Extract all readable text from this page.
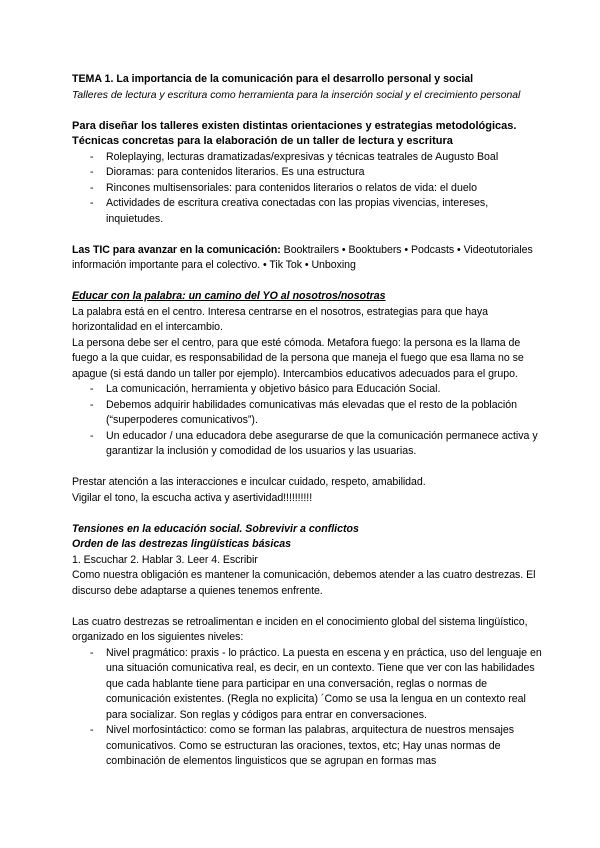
TEMA 1. La importancia de la comunicación para el desarrollo personal y social

Talleres de lectura y escritura como herramienta para la inserción social y el crecimiento personal

Para diseñar los talleres existen distintas orientaciones y estrategias metodológicas.

Técnicas concretas para la elaboración de un taller de lectura y escritura

- Roleplaying, lecturas dramatizadas/expresivas y técnicas teatrales de Augusto Boal
- Dioramas: para contenidos literarios. Es una estructura
- Rincones multisensoriales: para contenidos literarios o relatos de vida: el duelo
- Actividades de escritura creativa conectadas con las propias vivencias, intereses, inquietudes.

Las TIC para avanzar en la comunicación: Booktrailers • Booktubers • Podcasts • Videotutoriales información importante para el colectivo. • Tik Tok • Unboxing

Educar con la palabra: un camino del YO al nosotros/nosotras

La palabra está en el centro. Interesa centrarse en el nosotros, estrategias para que haya horizontalidad en el intercambio.

La persona debe ser el centro, para que esté cómoda. Metafora fuego: la persona es la llama de fuego a la que cuidar, es responsabilidad de la persona que maneja el fuego que esa llama no se apague (si está dando un taller por ejemplo). Intercambios educativos adecuados para el grupo.

- La comunicación, herramienta y objetivo básico para Educación Social.
- Debemos adquirir habilidades comunicativas más elevadas que el resto de la población (“superpoderes comunicativos”).
- Un educador / una educadora debe asegurarse de que la comunicación permanece activa y garantizar la inclusión y comodidad de los usuarios y las usuarias.

Prestar atención a las interacciones e inculcar cuidado, respeto, amabilidad.

Vigilar el tono, la escucha activa y asertividad!!!!!!!!!!

Tensiones en la educación social. Sobrevivir a conflictos

Orden de las destrezas lingüísticas básicas

1. Escuchar 2. Hablar 3. Leer 4. Escribir

Como nuestra obligación es mantener la comunicación, debemos atender a las cuatro destrezas. El discurso debe adaptarse a quienes tenemos enfrente.

Las cuatro destrezas se retroalimentan e inciden en el conocimiento global del sistema lingüístico, organizado en los siguientes niveles:

- Nivel pragmático: praxis - lo práctico. La puesta en escena y en práctica, uso del lenguaje en una situación comunicativa real, es decir, en un contexto. Tiene que ver con las habilidades que cada hablante tiene para participar en una conversación, reglas o normas de comunicación existentes. (Regla no explicita) ´Como se usa la lengua en un contexto real para socializar. Son reglas y códigos para entrar en conversaciones.
- Nivel morfosintáctico: como se forman las palabras, arquitectura de nuestros mensajes comunicativos. Como se estructuran las oraciones, textos, etc; Hay unas normas de combinación de elementos linguisticos que se agrupan en formas mas
